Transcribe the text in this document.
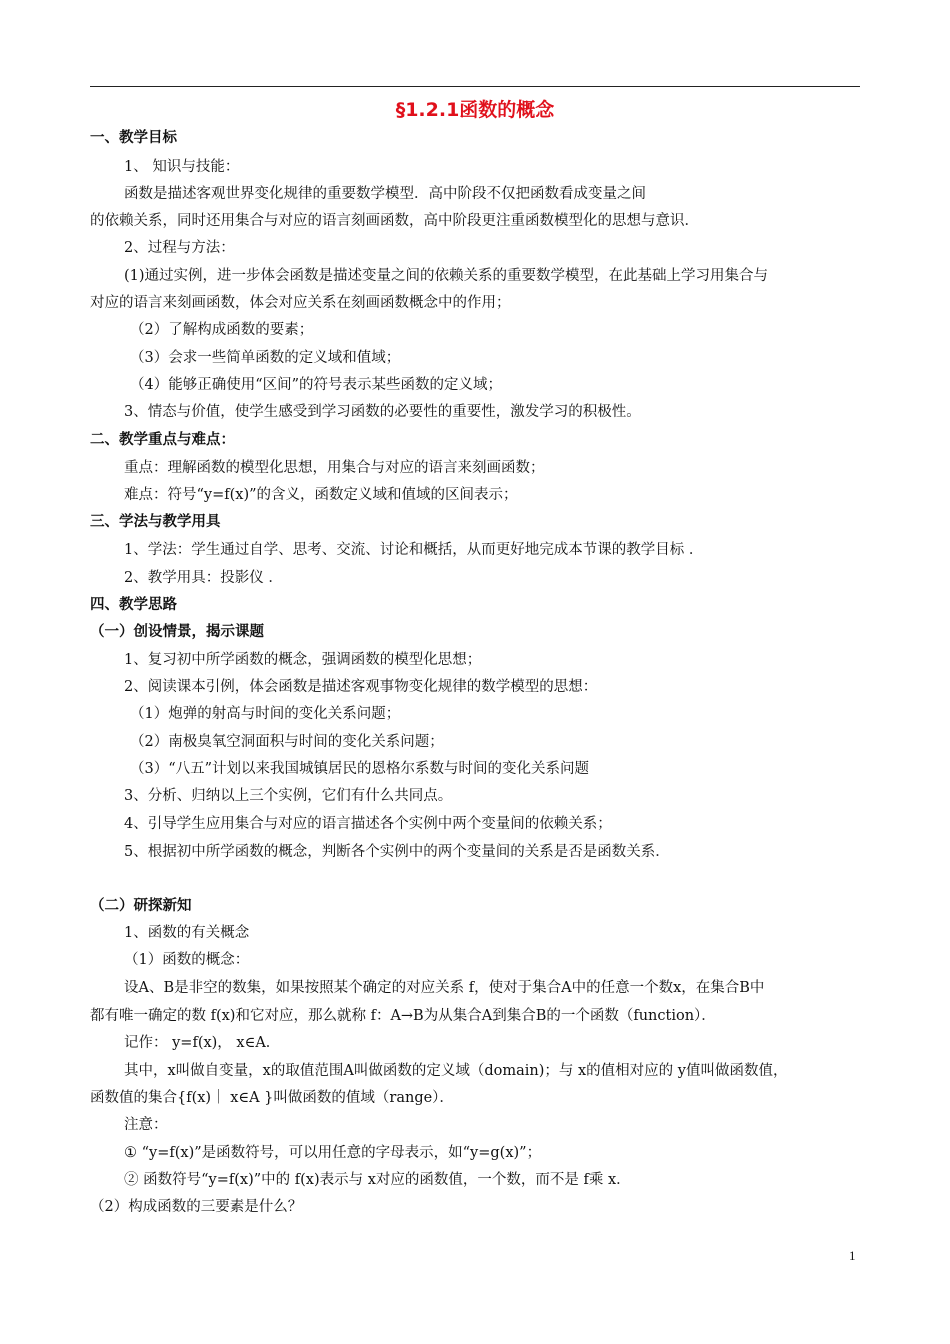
§1.2.1函数的概念
一、教学目标
1、 知识与技能：
函数是描述客观世界变化规律的重要数学模型．高中阶段不仅把函数看成变量之间
的依赖关系，同时还用集合与对应的语言刻画函数，高中阶段更注重函数模型化的思想与意识．
2、过程与方法：
(1)通过实例，进一步体会函数是描述变量之间的依赖关系的重要数学模型，在此基础上学习用集合与
对应的语言来刻画函数，体会对应关系在刻画函数概念中的作用；
（2）了解构成函数的要素；
（3）会求一些简单函数的定义域和值域；
（4）能够正确使用“区间”的符号表示某些函数的定义域；
3、情态与价值，使学生感受到学习函数的必要性的重要性，激发学习的积极性。
二、教学重点与难点：
重点：理解函数的模型化思想，用集合与对应的语言来刻画函数；
难点：符号“y=f(x)”的含义，函数定义域和值域的区间表示；
三、学法与教学用具
1、学法：学生通过自学、思考、交流、讨论和概括，从而更好地完成本节课的教学目标 ．
2、教学用具：投影仪 ．
四、教学思路
（一）创设情景，揭示课题
1、复习初中所学函数的概念，强调函数的模型化思想；
2、阅读课本引例，体会函数是描述客观事物变化规律的数学模型的思想：
（1）炮弹的射高与时间的变化关系问题；
（2）南极臭氧空洞面积与时间的变化关系问题；
（3）“八五”计划以来我国城镇居民的恩格尔系数与时间的变化关系问题
3、分析、归纳以上三个实例，它们有什么共同点。
4、引导学生应用集合与对应的语言描述各个实例中两个变量间的依赖关系；
5、根据初中所学函数的概念，判断各个实例中的两个变量间的关系是否是函数关系．
（二）研探新知
1、函数的有关概念
（1）函数的概念：
设A、B是非空的数集，如果按照某个确定的对应关系 f，使对于集合A中的任意一个数x，在集合B中
都有唯一确定的数 f(x)和它对应，那么就称 f：A→B为从集合A到集合B的一个函数（function）．
记作： y=f(x)， x∈A．
其中，x叫做自变量，x的取值范围A叫做函数的定义域（domain)；与 x的值相对应的 y值叫做函数值，
函数值的集合{f(x)｜ x∈A }叫做函数的值域（range）．
注意：
① “y=f(x)”是函数符号，可以用任意的字母表示，如“y=g(x)”；
② 函数符号“y=f(x)”中的 f(x)表示与 x对应的函数值，一个数，而不是 f乘 x．
（2）构成函数的三要素是什么？
1
